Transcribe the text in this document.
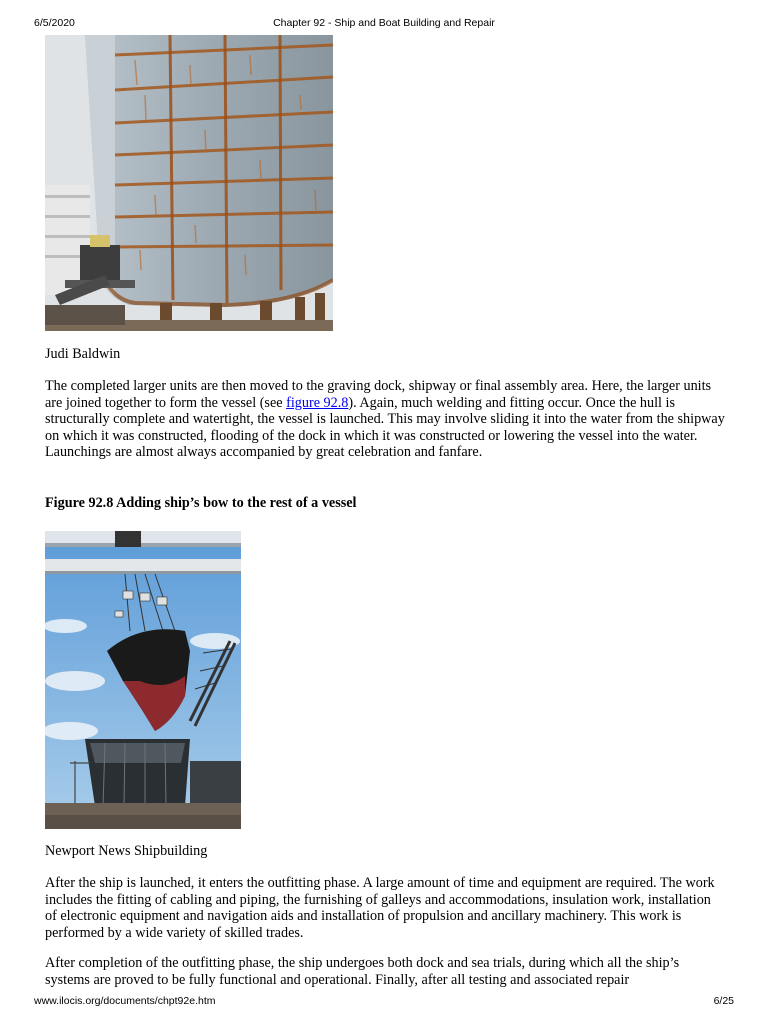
6/5/2020	Chapter 92 - Ship and Boat Building and Repair
Judi Baldwin

The completed larger units are then moved to the graving dock, shipway or final assembly area. Here, the larger units are joined together to form the vessel (see figure 92.8). Again, much welding and fitting occur. Once the hull is structurally complete and watertight, the vessel is launched. This may involve sliding it into the water from the shipway on which it was constructed, flooding of the dock in which it was constructed or lowering the vessel into the water. Launchings are almost always accompanied by great celebration and fanfare.

Figure 92.8 Adding ship’s bow to the rest of a vessel
Newport News Shipbuilding

After the ship is launched, it enters the outfitting phase. A large amount of time and equipment are required. The work includes the fitting of cabling and piping, the furnishing of galleys and accommodations, insulation work, installation of electronic equipment and navigation aids and installation of propulsion and ancillary machinery. This work is performed by a wide variety of skilled trades.

After completion of the outfitting phase, the ship undergoes both dock and sea trials, during which all the ship’s systems are proved to be fully functional and operational. Finally, after all testing and associated repair

www.ilocis.org/documents/chpt92e.htm	6/25
